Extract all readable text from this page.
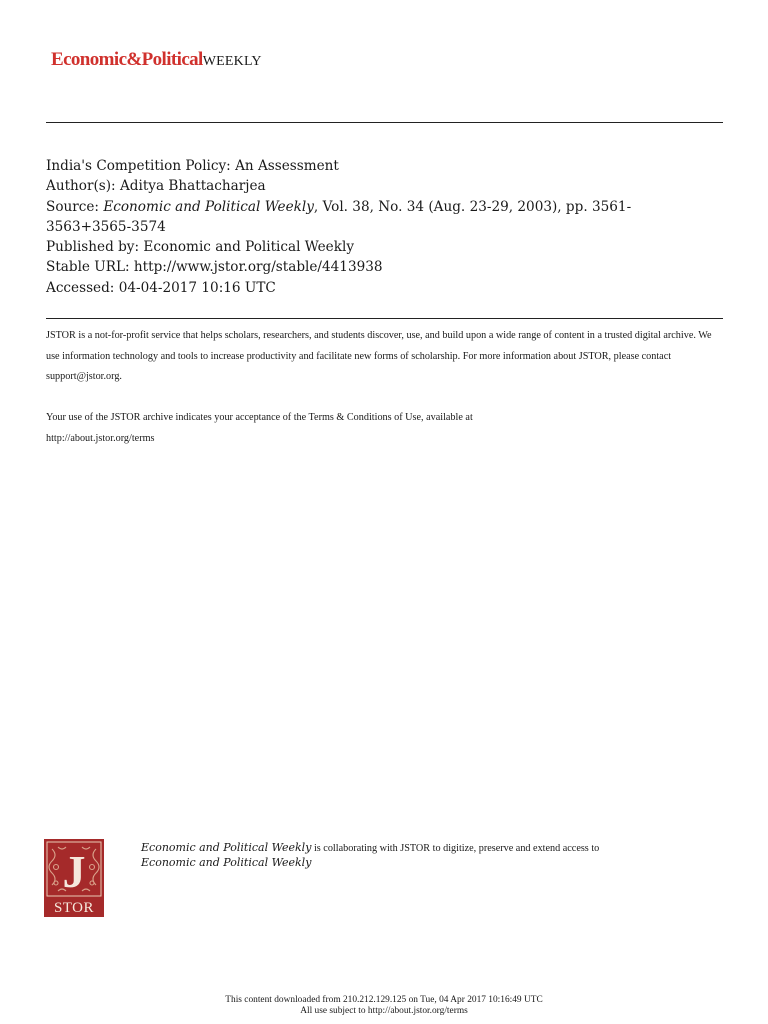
Economic&PoliticalWEEKLY
India's Competition Policy: An Assessment
Author(s): Aditya Bhattacharjea
Source: Economic and Political Weekly, Vol. 38, No. 34 (Aug. 23-29, 2003), pp. 3561-
3563+3565-3574
Published by: Economic and Political Weekly
Stable URL: http://www.jstor.org/stable/4413938
Accessed: 04-04-2017 10:16 UTC
JSTOR is a not-for-profit service that helps scholars, researchers, and students discover, use, and build upon a wide range of content in a trusted digital archive. We use information technology and tools to increase productivity and facilitate new forms of scholarship. For more information about JSTOR, please contact support@jstor.org.
Your use of the JSTOR archive indicates your acceptance of the Terms & Conditions of Use, available at
http://about.jstor.org/terms
J
STOR
Economic and Political Weekly is collaborating with JSTOR to digitize, preserve and extend access to
Economic and Political Weekly
This content downloaded from 210.212.129.125 on Tue, 04 Apr 2017 10:16:49 UTC
All use subject to http://about.jstor.org/terms
